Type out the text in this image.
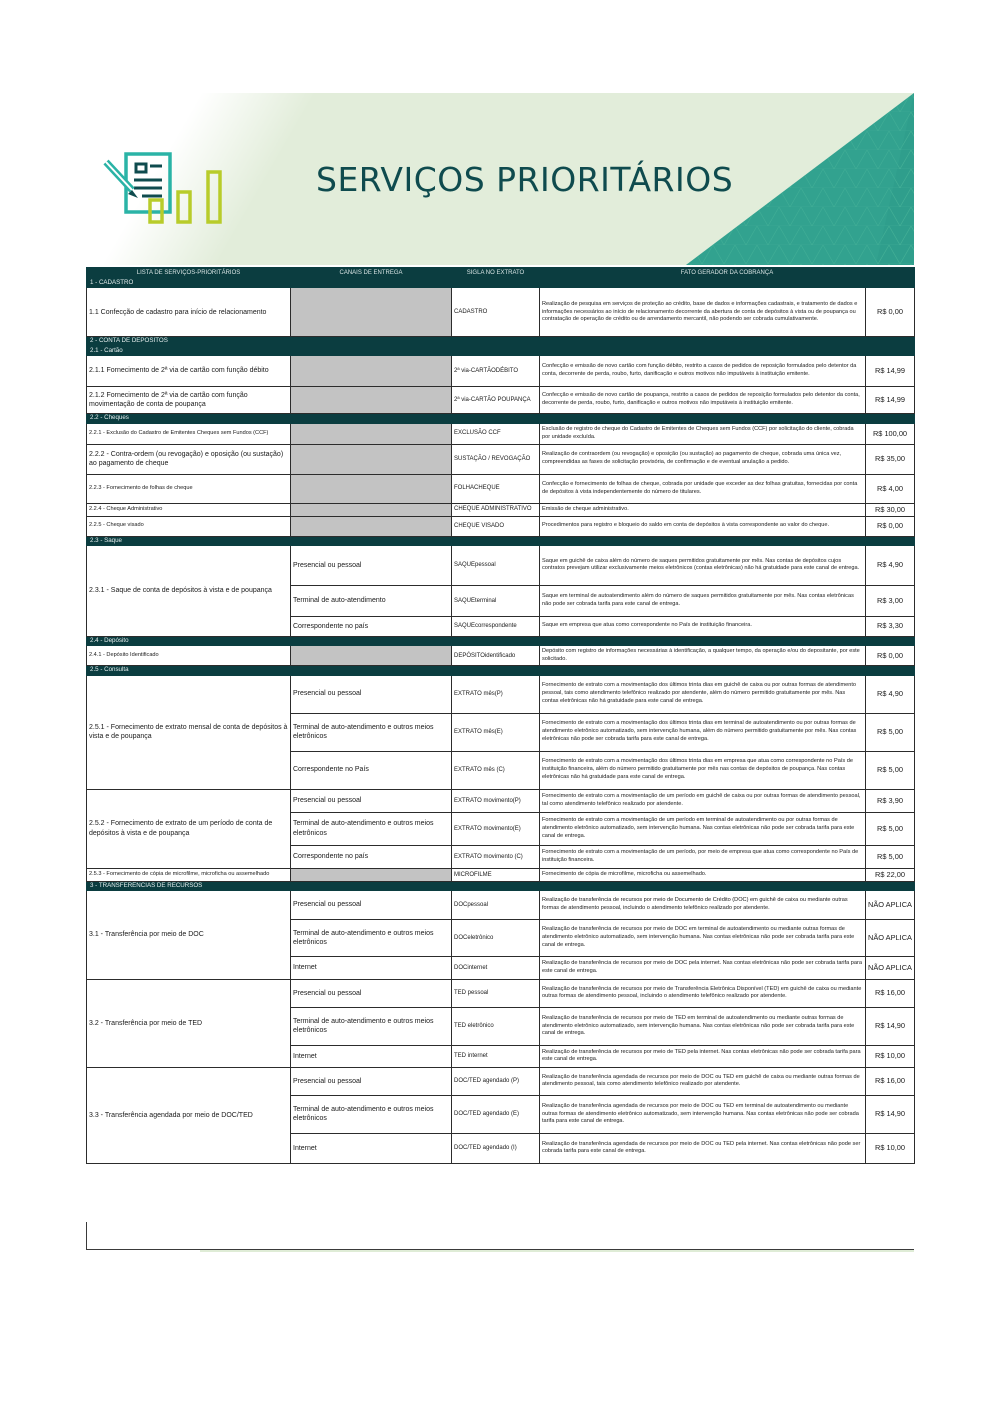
SERVIÇOS PRIORITÁRIOS
LISTA DE SERVIÇOS-PRIORITÁRIOS	CANAIS DE ENTREGA	SIGLA NO EXTRATO	FATO GERADOR DA COBRANÇA	
1 - CADASTRO				
1.1 Confecção de cadastro para início de relacionamento		CADASTRO	Realização de pesquisa em serviços de proteção ao crédito, base de dados e informações cadastrais, e tratamento de dados e informações necessários ao início de relacionamento decorrente da abertura de conta de depósitos à vista ou de poupança ou contratação de operação de crédito ou de arrendamento mercantil, não podendo ser cobrada cumulativamente.	R$ 0,00
2 - CONTA DE DEPÓSITOS				
2.1 - Cartão				
2.1.1 Fornecimento de 2ª via de cartão com função débito		2ª via-CARTÃODÉBITO	Confecção e emissão de novo cartão com função débito, restrito a casos de pedidos de reposição formulados pelo detentor da conta, decorrente de perda, roubo, furto, danificação e outros motivos não imputáveis à instituição emitente.	R$ 14,99
2.1.2 Fornecimento de 2ª via de cartão com função movimentação de conta de poupança		2ª via-CARTÃO POUPANÇA	Confecção e emissão de novo cartão de poupança, restrito a casos de pedidos de reposição formulados pelo detentor da conta, decorrente de perda, roubo, furto, danificação e outros motivos não imputáveis à instituição emitente.	R$ 14,99
2.2 - Cheques				
2.2.1 - Exclusão do Cadastro de Emitentes Cheques sem Fundos (CCF)		EXCLUSÃO CCF	Exclusão de registro de cheque do Cadastro de Emitentes de Cheques sem Fundos (CCF) por solicitação do cliente, cobrada por unidade excluída.	R$ 100,00
2.2.2 - Contra-ordem (ou revogação) e oposição (ou sustação) ao pagamento de cheque		SUSTAÇÃO / REVOGAÇÃO	Realização de contraordem (ou revogação) e oposição (ou sustação) ao pagamento de cheque, cobrada uma única vez, compreendidas as fases de solicitação provisória, de confirmação e de eventual anulação a pedido.	R$ 35,00
2.2.3 - Fornecimento de folhas de cheque		FOLHACHEQUE	Confecção e fornecimento de folhas de cheque, cobrada por unidade que exceder as dez folhas gratuitas, fornecidas por conta de depósitos à vista independentemente do número de titulares.	R$ 4,00
2.2.4 - Cheque Administrativo		CHEQUE ADMINISTRATIVO	Emissão de cheque administrativo.	R$ 30,00
2.2.5 - Cheque visado		CHEQUE VISADO	Procedimentos para registro e bloqueio do saldo em conta de depósitos à vista correspondente ao valor do cheque.	R$ 0,00
2.3 - Saque				
2.3.1 - Saque de conta de depósitos à vista e de poupança	Presencial ou pessoal	SAQUEpessoal	Saque em guichê de caixa além do número de saques permitidos gratuitamente por mês. Nas contas de depósitos cujos contratos prevejam utilizar exclusivamente meios eletrônicos (contas eletrônicas) não há gratuidade para este canal de entrega.	R$ 4,90
	Terminal de auto-atendimento	SAQUEterminal	Saque em terminal de autoatendimento além do número de saques permitidos gratuitamente por mês. Nas contas eletrônicas não pode ser cobrada tarifa para este canal de entrega.	R$ 3,00
	Correspondente no país	SAQUEcorrespondente	Saque em empresa que atua como correspondente no País de instituição financeira.	R$ 3,30
2.4 - Depósito				
2.4.1 - Depósito Identificado		DEPÓSITOidentificado	Depósito com registro de informações necessárias à identificação, a qualquer tempo, da operação e/ou do depositante, por este solicitado.	R$ 0,00
2.5 - Consulta				
2.5.1 - Fornecimento de extrato mensal de conta de depósitos à vista e de poupança	Presencial ou pessoal	EXTRATO mês(P)	Fornecimento de extrato com a movimentação dos últimos trinta dias em guichê de caixa ou por outras formas de atendimento pessoal, tais como atendimento telefônico realizado por atendente, além do número permitido gratuitamente por mês. Nas contas eletrônicas não há gratuidade para este canal de entrega.	R$ 4,90
	Terminal de auto-atendimento e outros meios eletrônicos	EXTRATO mês(E)	Fornecimento de extrato com a movimentação dos últimos trinta dias em terminal de autoatendimento ou por outras formas de atendimento eletrônico automatizado, sem intervenção humana, além do número permitido gratuitamente por mês. Nas contas eletrônicas não pode ser cobrada tarifa para este canal de entrega.	R$ 5,00
	Correspondente no País	EXTRATO mês (C)	Fornecimento de extrato com a movimentação dos últimos trinta dias em empresa que atua como correspondente no País de instituição financeira, além do número permitido gratuitamente por mês nas contas de depósitos de poupança. Nas contas eletrônicas não há gratuidade para este canal de entrega.	R$ 5,00
2.5.2 - Fornecimento de extrato de um período de conta de depósitos à vista e de poupança	Presencial ou pessoal	EXTRATO movimento(P)	Fornecimento de extrato com a movimentação de um período em guichê de caixa ou por outras formas de atendimento pessoal, tal como atendimento telefônico realizado por atendente.	R$ 3,90
	Terminal de auto-atendimento e outros meios eletrônicos	EXTRATO movimento(E)	Fornecimento de extrato com a movimentação de um período em terminal de autoatendimento ou por outras formas de atendimento eletrônico automatizado, sem intervenção humana. Nas contas eletrônicas não pode ser cobrada tarifa para este canal de entrega.	R$ 5,00
	Correspondente no país	EXTRATO movimento (C)	Fornecimento de extrato com a movimentação de um período, por meio de empresa que atua como correspondente no País de instituição financeira.	R$ 5,00
2.5.3 - Fornecimento de cópia de microfilme, microficha ou assemelhado		MICROFILME	Fornecimento de cópia de microfilme, microficha ou assemelhado.	R$ 22,00
3 - TRANSFERÊNCIAS DE RECURSOS				
3.1 - Transferência por meio de DOC	Presencial ou pessoal	DOCpessoal	Realização de transferência de recursos por meio de Documento de Crédito (DOC) em guichê de caixa ou mediante outras formas de atendimento pessoal, incluindo o atendimento telefônico realizado por atendente.	NÃO APLICA
	Terminal de auto-atendimento e outros meios eletrônicos	DOCeletrônico	Realização de transferência de recursos por meio de DOC em terminal de autoatendimento ou mediante outras formas de atendimento eletrônico automatizado, sem intervenção humana. Nas contas eletrônicas não pode ser cobrada tarifa para este canal de entrega.	NÃO APLICA
	Internet	DOCinternet	Realização de transferência de recursos por meio de DOC pela internet. Nas contas eletrônicas não pode ser cobrada tarifa para este canal de entrega.	NÃO APLICA
3.2 - Transferência por meio de TED	Presencial ou pessoal	TED pessoal	Realização de transferência de recursos por meio de Transferência Eletrônica Disponível (TED) em guichê de caixa ou mediante outras formas de atendimento pessoal, incluindo o atendimento telefônico realizado por atendente.	R$ 16,00
	Terminal de auto-atendimento e outros meios eletrônicos	TED eletrônico	Realização de transferência de recursos por meio de TED em terminal de autoatendimento ou mediante outras formas de atendimento eletrônico automatizado, sem intervenção humana. Nas contas eletrônicas não pode ser cobrada tarifa para este canal de entrega.	R$ 14,90
	Internet	TED internet	Realização de transferência de recursos por meio de TED pela internet. Nas contas eletrônicas não pode ser cobrada tarifa para este canal de entrega.	R$ 10,00
3.3 - Transferência agendada por meio de DOC/TED	Presencial ou pessoal	DOC/TED agendado (P)	Realização de transferência agendada de recursos por meio de DOC ou TED em guichê de caixa ou mediante outras formas de atendimento pessoal, tais como atendimento telefônico realizado por atendente.	R$ 16,00
	Terminal de auto-atendimento e outros meios eletrônicos	DOC/TED agendado (E)	Realização de transferência agendada de recursos por meio de DOC ou TED em terminal de autoatendimento ou mediante outras formas de atendimento eletrônico automatizado, sem intervenção humana. Nas contas eletrônicas não pode ser cobrada tarifa para este canal de entrega.	R$ 14,90
	Internet	DOC/TED agendado (I)	Realização de transferência agendada de recursos por meio de DOC ou TED pela internet. Nas contas eletrônicas não pode ser cobrada tarifa para este canal de entrega.	R$ 10,00
